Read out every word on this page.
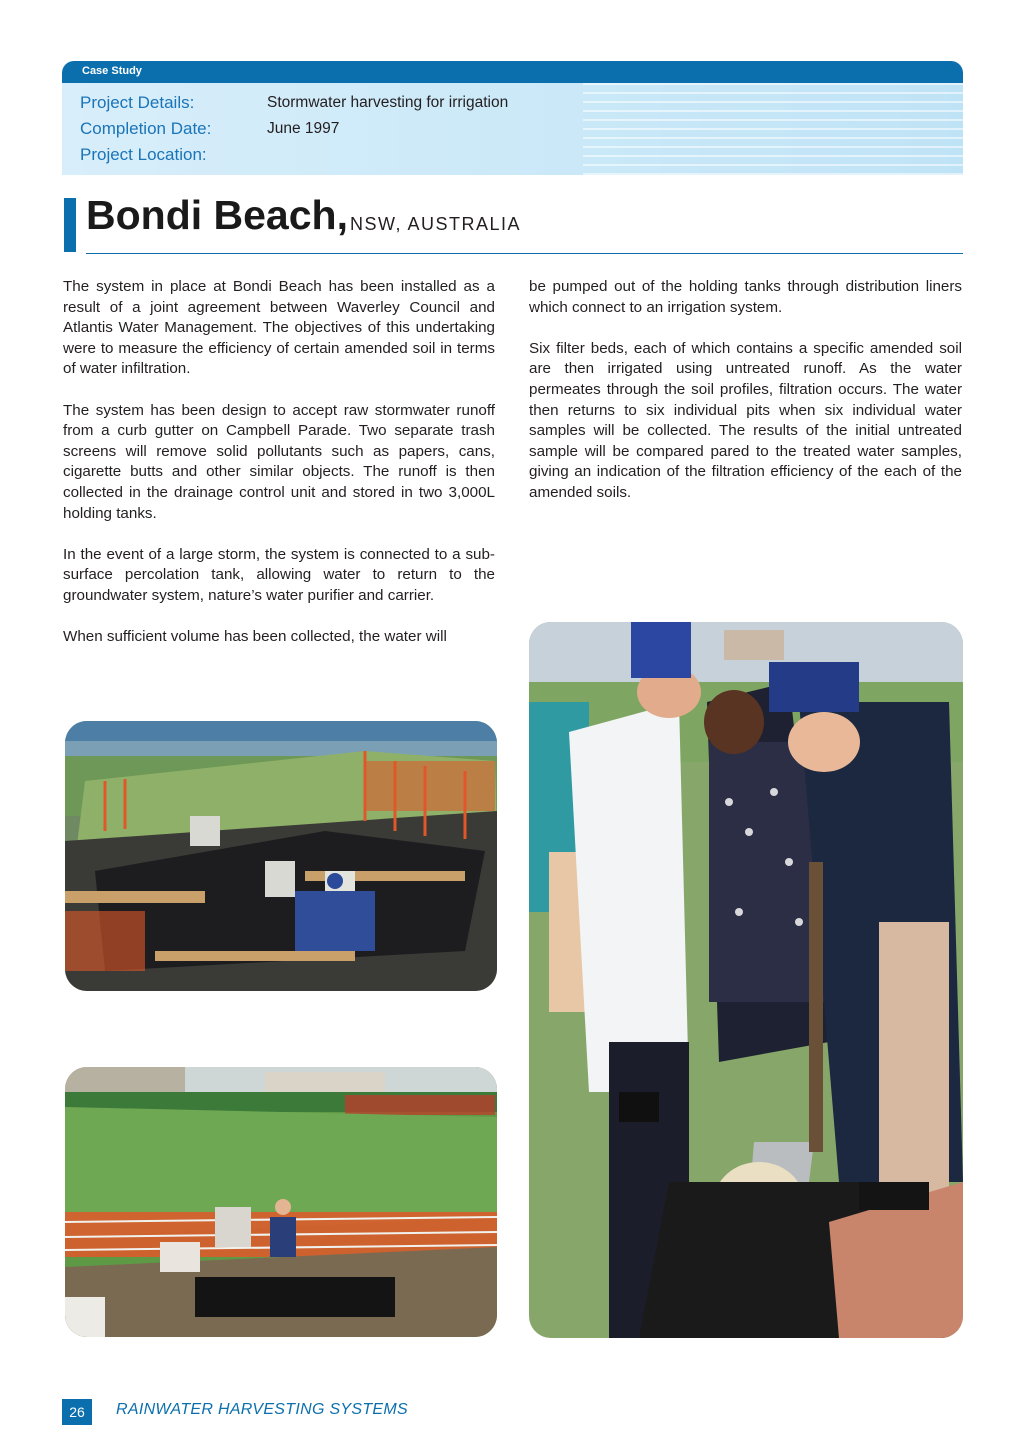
Case Study
Project Details:	Stormwater harvesting for irrigation
Completion Date:	June 1997
Project Location:
Bondi Beach, NSW, AUSTRALIA

The system in place at Bondi Beach has been installed as a result of a joint agreement between Waverley Council and Atlantis Water Management. The objectives of this undertaking were to measure the efficiency of certain amended soil in terms of water infiltration.

The system has been design to accept raw stormwater runoff from a curb gutter on Campbell Parade. Two separate trash screens will remove solid pollutants such as papers, cans, cigarette butts and other similar objects. The runoff is then collected in the drainage control unit and stored in two 3,000L holding tanks.

In the event of a large storm, the system is connected to a sub-surface percolation tank, allowing water to return to the groundwater system, nature’s water purifier and carrier.

When sufficient volume has been collected, the water will

be pumped out of the holding tanks through distribution liners which connect to an irrigation system.

Six filter beds, each of which contains a specific amended soil are then irrigated using untreated runoff. As the water permeates through the soil profiles, filtration occurs. The water then returns to six individual pits when six individual water samples will be collected. The results of the initial untreated sample will be compared pared to the treated water samples, giving an indication of the filtration efficiency of the each of the amended soils.

26	RAINWATER HARVESTING SYSTEMS
